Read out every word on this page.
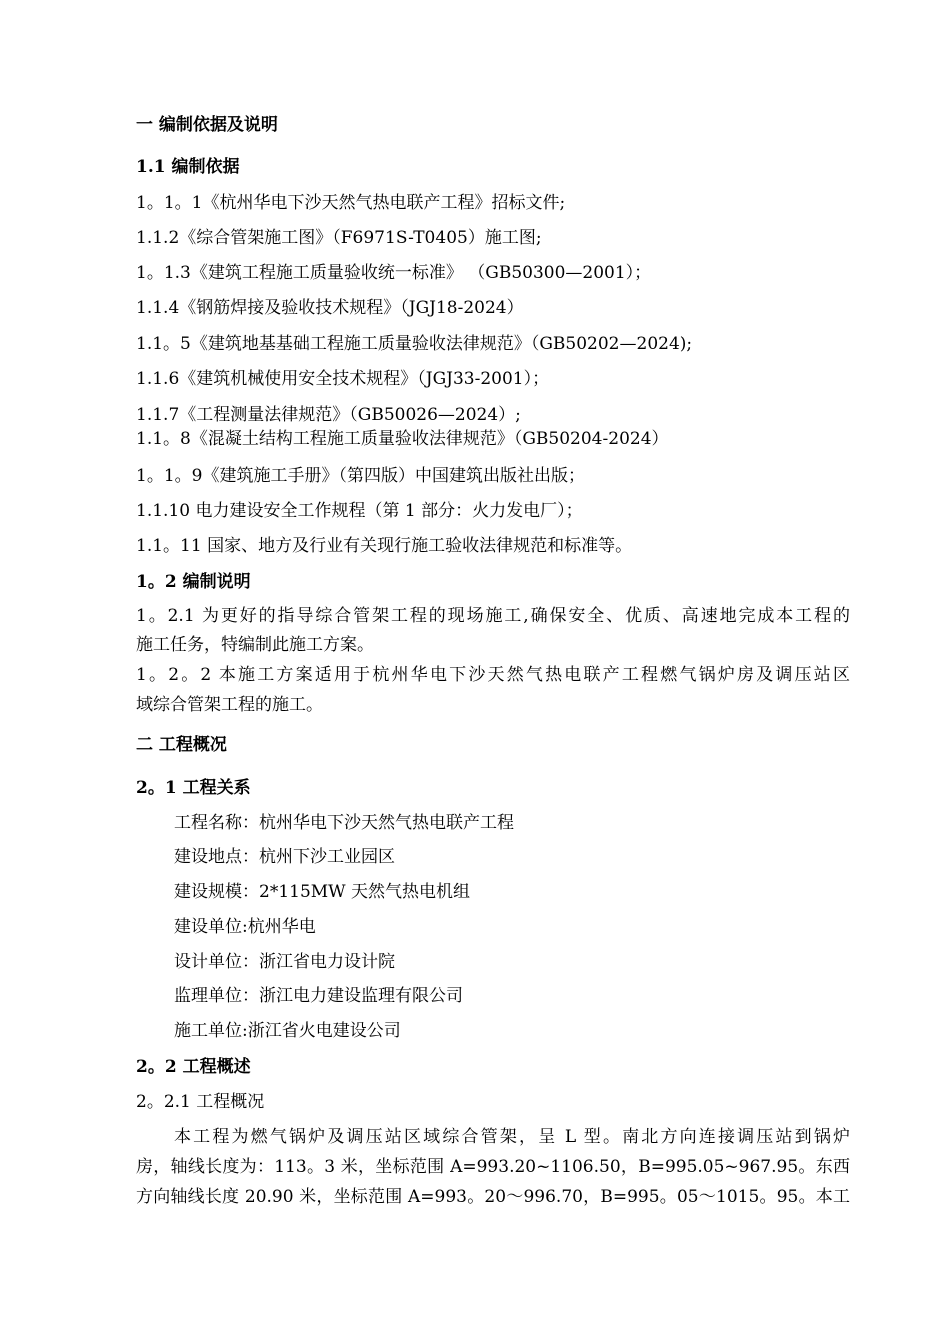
一 编制依据及说明
1.1 编制依据
1。1。1《杭州华电下沙天然气热电联产工程》招标文件;
1.1.2《综合管架施工图》（F6971S-T0405）施工图;
1。1.3《建筑工程施工质量验收统一标准》 （GB50300—2001）；
1.1.4《钢筋焊接及验收技术规程》（JGJ18-2024）
1.1。5《建筑地基基础工程施工质量验收法律规范》（GB50202—2024);
1.1.6《建筑机械使用安全技术规程》（JGJ33-2001）；
1.1.7《工程测量法律规范》（GB50026—2024）;
1.1。8《混凝土结构工程施工质量验收法律规范》（GB50204-2024）
1。1。9《建筑施工手册》（第四版）中国建筑出版社出版；
1.1.10 电力建设安全工作规程（第 1 部分：火力发电厂）；
1.1。11 国家、地方及行业有关现行施工验收法律规范和标准等。
1。2 编制说明
1。2.1 为更好的指导综合管架工程的现场施工,确保安全、优质、高速地完成本工程的
施工任务，特编制此施工方案。
1。2。2 本施工方案适用于杭州华电下沙天然气热电联产工程燃气锅炉房及调压站区
域综合管架工程的施工。
二 工程概况
2。1 工程关系
工程名称：杭州华电下沙天然气热电联产工程
建设地点：杭州下沙工业园区
建设规模：2*115MW 天然气热电机组
建设单位:杭州华电
设计单位：浙江省电力设计院
监理单位：浙江电力建设监理有限公司
施工单位:浙江省火电建设公司
2。2 工程概述
2。2.1 工程概况
本工程为燃气锅炉及调压站区域综合管架，呈 L 型。南北方向连接调压站到锅炉
房，轴线长度为：113。3 米，坐标范围 A=993.20~1106.50，B=995.05~967.95。东西
方向轴线长度 20.90 米，坐标范围 A=993。20～996.70，B=995。05～1015。95。本工
